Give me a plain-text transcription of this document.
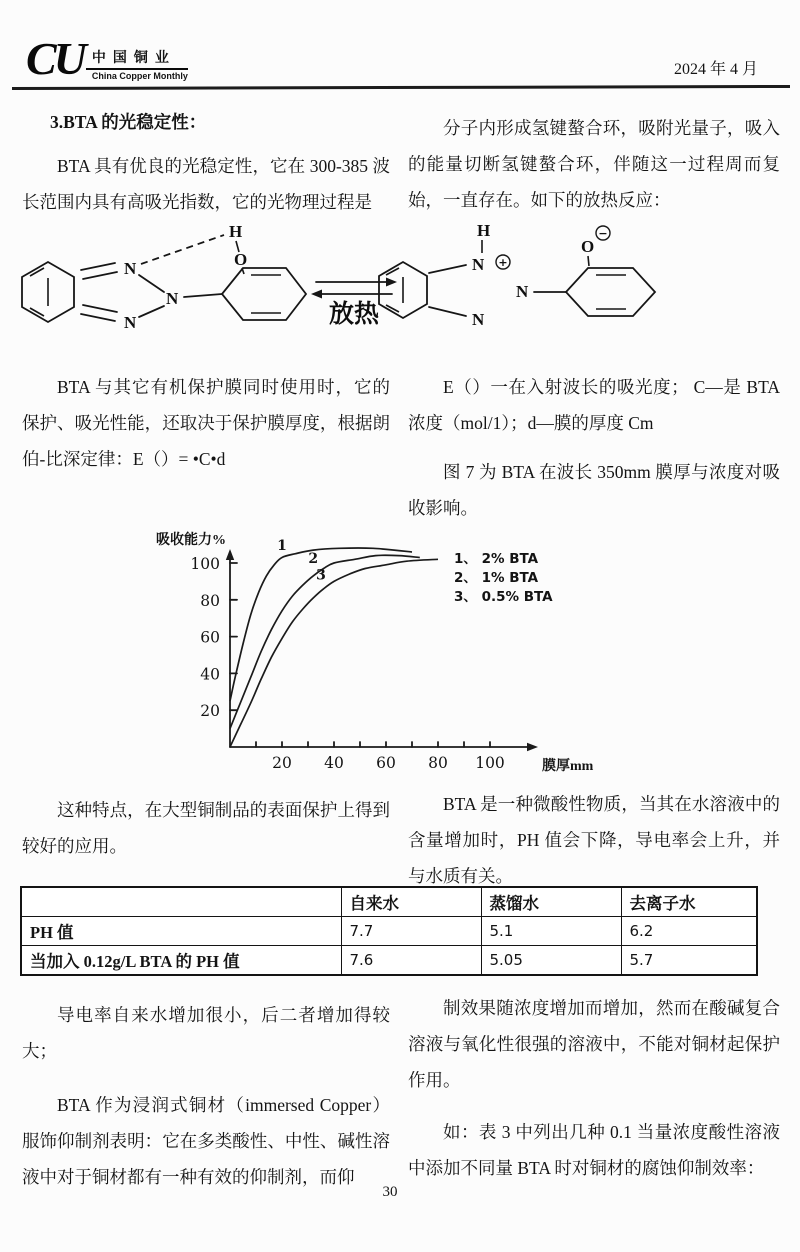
CU 中国铜业
China Copper Monthly	2024 年 4 月

3.BTA 的光稳定性：

BTA 具有优良的光稳定性，它在 300-385 波长范围内具有高吸光指数，它的光物理过程是

分子内形成氢键螯合环，吸附光量子，吸入的能量切断氢键螯合环，伴随这一过程周而复始，一直存在。如下的放热反应：

N
N
N
H
O
放热
H
N +
N
N
O
−

BTA 与其它有机保护膜同时使用时，它的保护、吸光性能，还取决于保护膜厚度，根据朗伯-比深定律：E（）= •C•d

E（）一在入射波长的吸光度； C—是 BTA 浓度（mol/1）；d—膜的厚度 Cm

图 7 为 BTA 在波长 350mm 膜厚与浓度对吸收影响。

20 40 60 80 100
20
40
60
80
100
吸收能力%
膜厚mm
1
2
3
1、 2% BTA
2、 1% BTA
3、 0.5% BTA

这种特点，在大型铜制品的表面保护上得到较好的应用。

BTA 是一种微酸性物质，当其在水溶液中的含量增加时，PH 值会下降，导电率会上升，并与水质有关。

	自来水	蒸馏水	去离子水
PH 值	7.7	5.1	6.2
当加入 0.12g/L BTA 的 PH 值	7.6	5.05	5.7

导电率自来水增加很小，后二者增加得较大；

BTA 作为浸润式铜材（immersed Copper）服饰仰制剂表明：它在多类酸性、中性、碱性溶液中对于铜材都有一种有效的仰制剂，而仰

制效果随浓度增加而增加，然而在酸碱复合溶液与氧化性很强的溶液中，不能对铜材起保护作用。

如：表 3 中列出几种 0.1 当量浓度酸性溶液中添加不同量 BTA 时对铜材的腐蚀仰制效率：

30
